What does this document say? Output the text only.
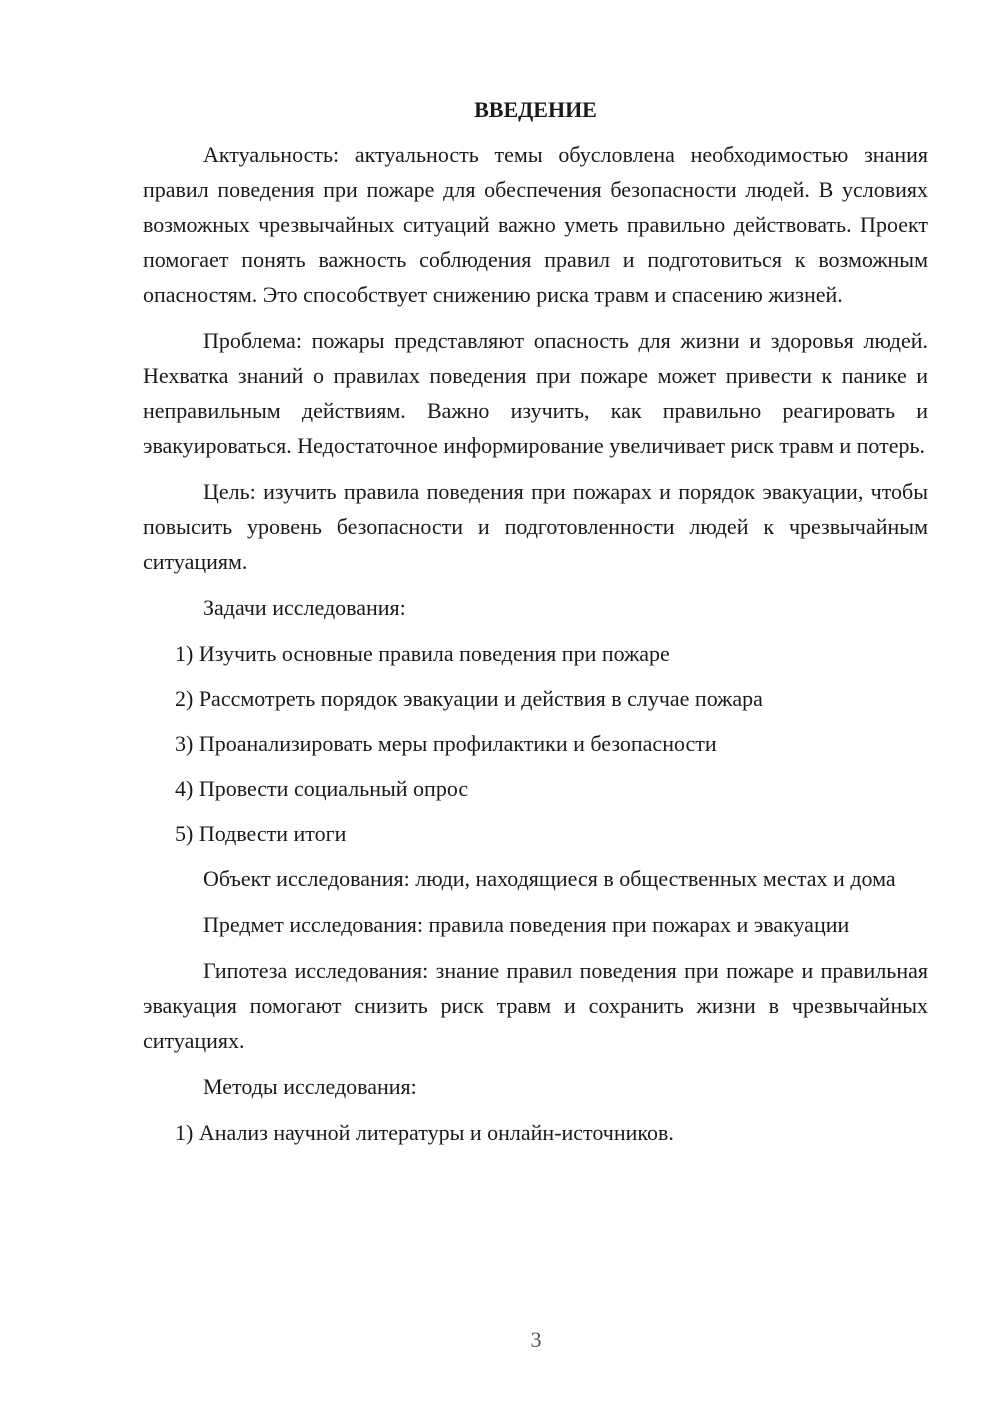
ВВЕДЕНИЕ

Актуальность: актуальность темы обусловлена необходимостью знания правил поведения при пожаре для обеспечения безопасности людей. В условиях возможных чрезвычайных ситуаций важно уметь правильно действовать. Проект помогает понять важность соблюдения правил и подготовиться к возможным опасностям. Это способствует снижению риска травм и спасению жизней.

Проблема: пожары представляют опасность для жизни и здоровья людей. Нехватка знаний о правилах поведения при пожаре может привести к панике и неправильным действиям. Важно изучить, как правильно реагировать и эвакуироваться. Недостаточное информирование увеличивает риск травм и потерь.

Цель: изучить правила поведения при пожарах и порядок эвакуации, чтобы повысить уровень безопасности и подготовленности людей к чрезвычайным ситуациям.

Задачи исследования:

1) Изучить основные правила поведения при пожаре
2) Рассмотреть порядок эвакуации и действия в случае пожара
3) Проанализировать меры профилактики и безопасности
4) Провести социальный опрос
5) Подвести итоги

Объект исследования: люди, находящиеся в общественных местах и дома

Предмет исследования: правила поведения при пожарах и эвакуации

Гипотеза исследования: знание правил поведения при пожаре и правильная эвакуация помогают снизить риск травм и сохранить жизни в чрезвычайных ситуациях.

Методы исследования:

1) Анализ научной литературы и онлайн-источников.
3
